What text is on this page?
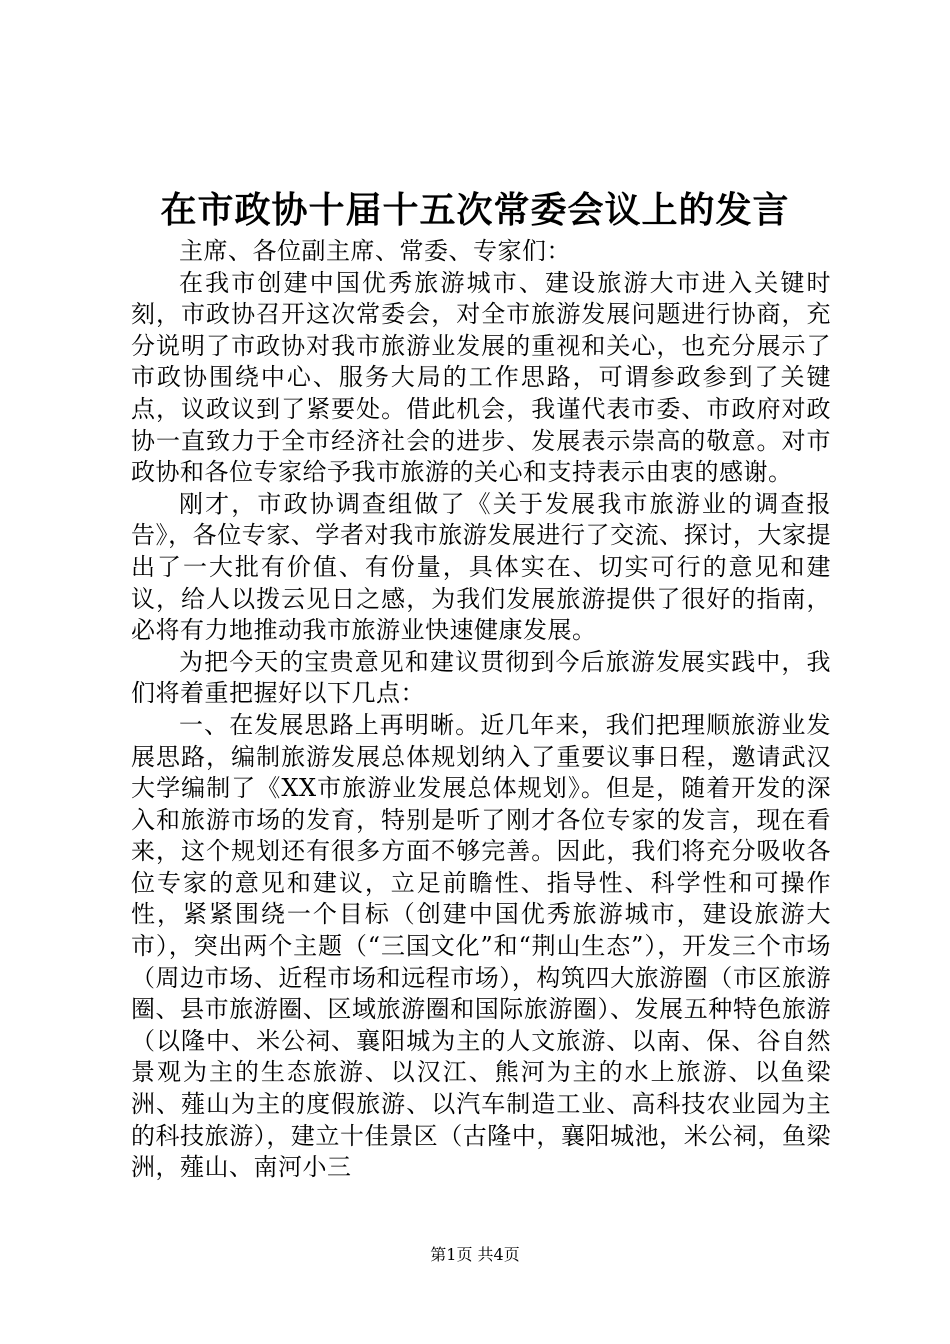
在市政协十届十五次常委会议上的发言

主席、各位副主席、常委、专家们：

在我市创建中国优秀旅游城市、建设旅游大市进入关键时刻，市政协召开这次常委会，对全市旅游发展问题进行协商，充分说明了市政协对我市旅游业发展的重视和关心，也充分展示了市政协围绕中心、服务大局的工作思路，可谓参政参到了关键点，议政议到了紧要处。借此机会，我谨代表市委、市政府对政协一直致力于全市经济社会的进步、发展表示崇高的敬意。对市政协和各位专家给予我市旅游的关心和支持表示由衷的感谢。

刚才，市政协调查组做了《关于发展我市旅游业的调查报告》，各位专家、学者对我市旅游发展进行了交流、探讨，大家提出了一大批有价值、有份量，具体实在、切实可行的意见和建议，给人以拨云见日之感，为我们发展旅游提供了很好的指南，必将有力地推动我市旅游业快速健康发展。

为把今天的宝贵意见和建议贯彻到今后旅游发展实践中，我们将着重把握好以下几点：

一、在发展思路上再明晰。近几年来，我们把理顺旅游业发展思路，编制旅游发展总体规划纳入了重要议事日程，邀请武汉大学编制了《XX市旅游业发展总体规划》。但是，随着开发的深入和旅游市场的发育，特别是听了刚才各位专家的发言，现在看来，这个规划还有很多方面不够完善。因此，我们将充分吸收各位专家的意见和建议，立足前瞻性、指导性、科学性和可操作性，紧紧围绕一个目标（创建中国优秀旅游城市，建设旅游大市），突出两个主题（“三国文化”和“荆山生态”），开发三个市场（周边市场、近程市场和远程市场），构筑四大旅游圈（市区旅游圈、县市旅游圈、区域旅游圈和国际旅游圈）、发展五种特色旅游（以隆中、米公祠、襄阳城为主的人文旅游、以南、保、谷自然景观为主的生态旅游、以汉江、熊河为主的水上旅游、以鱼梁洲、薤山为主的度假旅游、以汽车制造工业、高科技农业园为主的科技旅游），建立十佳景区（古隆中，襄阳城池，米公祠，鱼梁洲，薤山、南河小三

第1页 共4页
